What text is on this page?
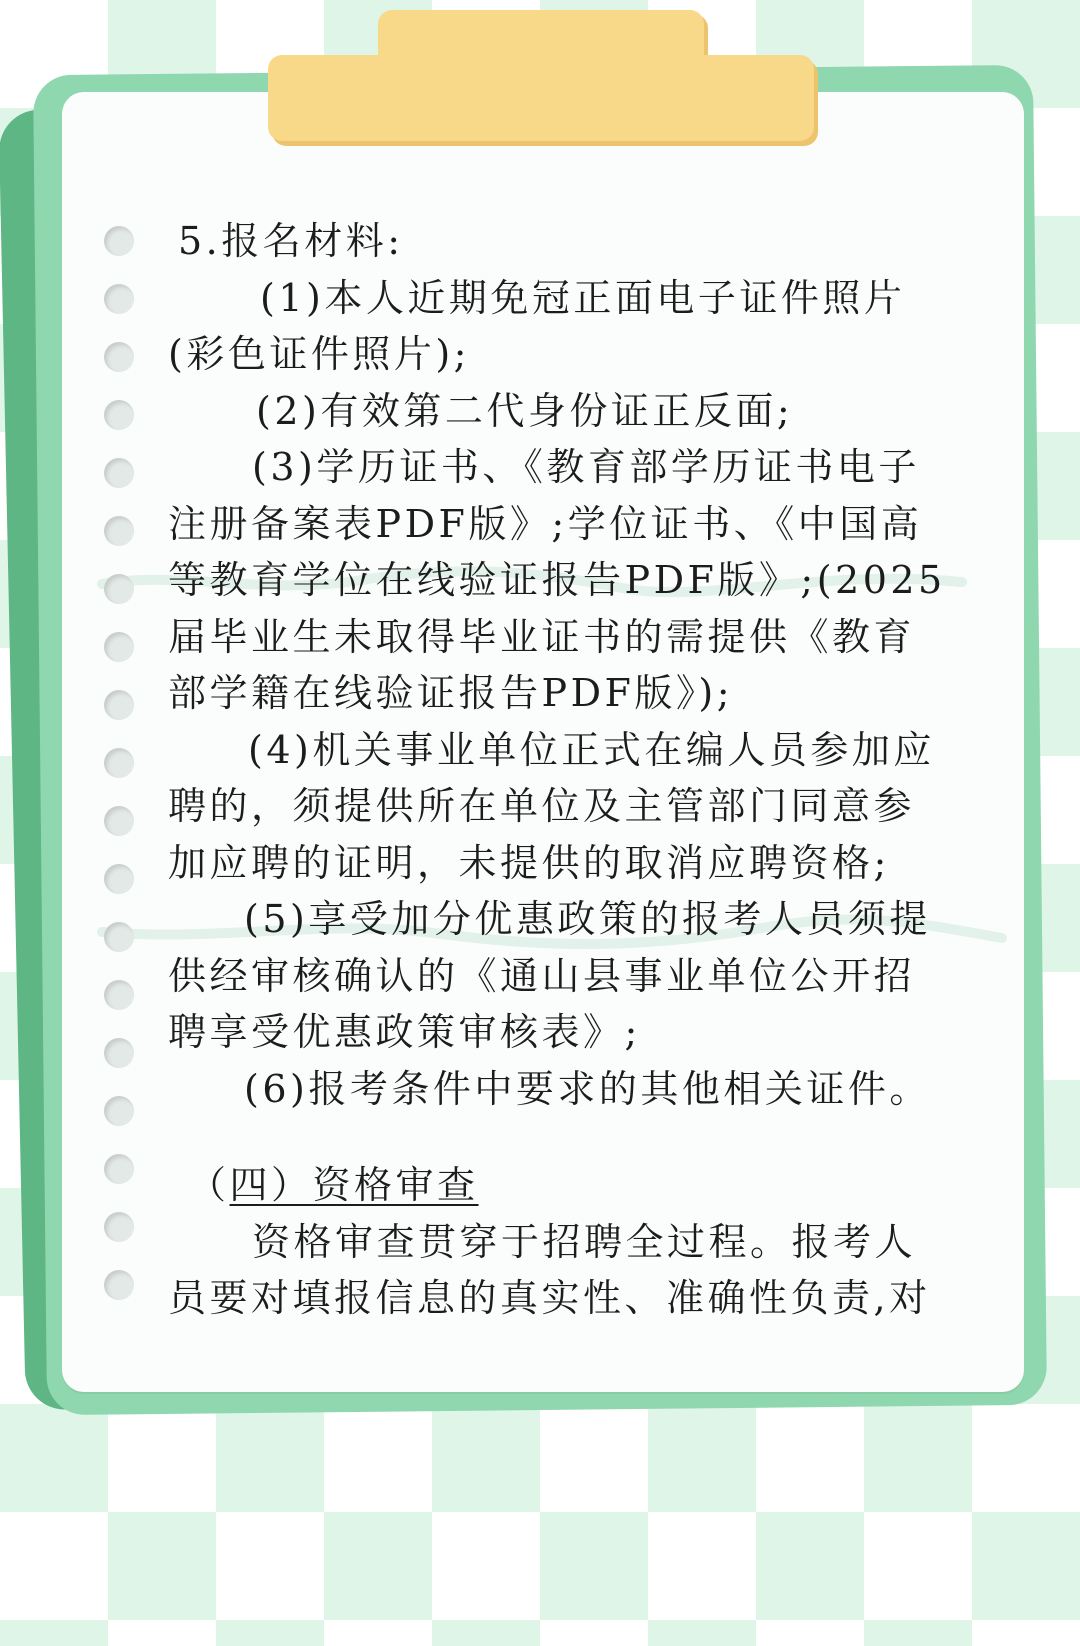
5.报名材料:

(1)本人近期免冠正面电子证件照片

(彩色证件照片);

(2)有效第二代身份证正反面;

(3)学历证书、《教育部学历证书电子

注册备案表PDF版》;学位证书、《中国高

等教育学位在线验证报告PDF版》;(2025

届毕业生未取得毕业证书的需提供《教育

部学籍在线验证报告PDF版》);

(4)机关事业单位正式在编人员参加应

聘的，须提供所在单位及主管部门同意参

加应聘的证明，未提供的取消应聘资格;

(5)享受加分优惠政策的报考人员须提

供经审核确认的《通山县事业单位公开招

聘享受优惠政策审核表》;

(6)报考条件中要求的其他相关证件。

（四）资格审查

资格审查贯穿于招聘全过程。报考人

员要对填报信息的真实性、准确性负责,对
